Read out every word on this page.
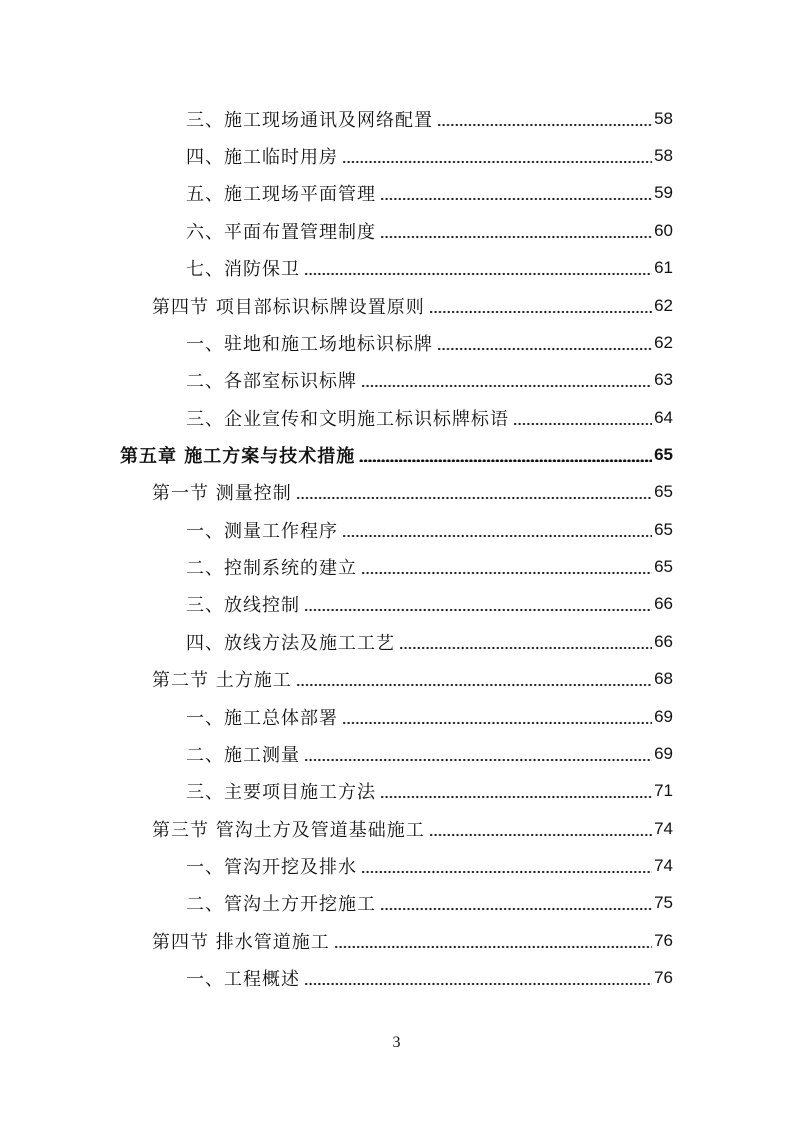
三、施工现场通讯及网络配置	58
四、施工临时用房	58
五、施工现场平面管理	59
六、平面布置管理制度	60
七、消防保卫	61
第四节 项目部标识标牌设置原则	62
一、驻地和施工场地标识标牌	62
二、各部室标识标牌	63
三、企业宣传和文明施工标识标牌标语	64
第五章 施工方案与技术措施	65
第一节 测量控制	65
一、测量工作程序	65
二、控制系统的建立	65
三、放线控制	66
四、放线方法及施工工艺	66
第二节 土方施工	68
一、施工总体部署	69
二、施工测量	69
三、主要项目施工方法	71
第三节 管沟土方及管道基础施工	74
一、管沟开挖及排水	74
二、管沟土方开挖施工	75
第四节 排水管道施工	76
一、工程概述	76
3
